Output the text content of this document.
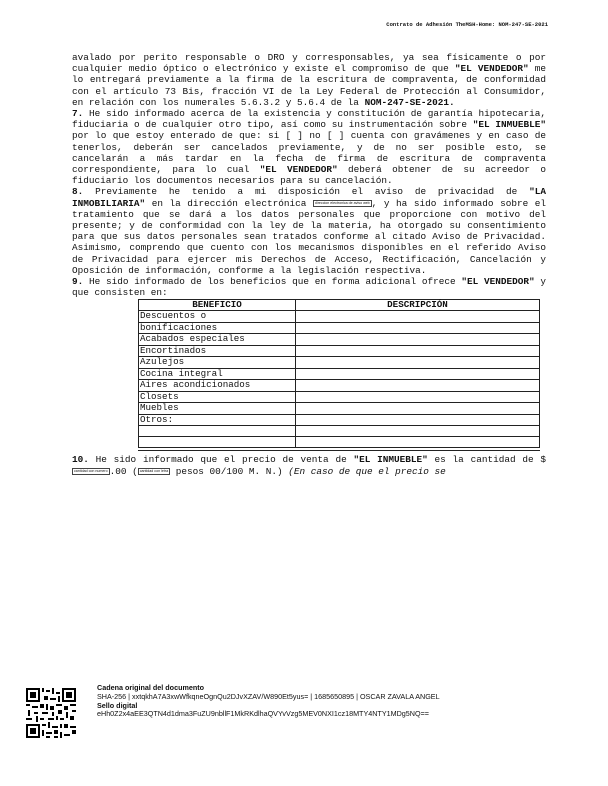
Contrato de Adhesión TheMSH-Home: NOM-247-SE-2021

avalado por perito responsable o DRO y corresponsables, ya sea físicamente o por cualquier medio óptico o electrónico y existe el compromiso de que "EL VENDEDOR" me lo entregará previamente a la firma de la escritura de compraventa, de conformidad con el artículo 73 Bis, fracción VI de la Ley Federal de Protección al Consumidor, en relación con los numerales 5.6.3.2 y 5.6.4 de la NOM-247-SE-2021.

7. He sido informado acerca de la existencia y constitución de garantía hipotecaria, fiduciaria o de cualquier otro tipo, así como su instrumentación sobre "EL INMUEBLE" por lo que estoy enterado de que: si [ ] no [ ] cuenta con gravámenes y en caso de tenerlos, deberán ser cancelados previamente, y de no ser posible esto, se cancelarán a más tardar en la fecha de firma de escritura de compraventa correspondiente, para lo cual "EL VENDEDOR" deberá obtener de su acreedor o fiduciario los documentos necesarios para su cancelación.

8. Previamente he tenido a mi disposición el aviso de privacidad de "LA INMOBILIARIA" en la dirección electrónica direccion electronica de aviso web , y ha sido informado sobre el tratamiento que se dará a los datos personales que proporcione con motivo del presente; y de conformidad con la ley de la materia, ha otorgado su consentimiento para que sus datos personales sean tratados conforme al citado Aviso de Privacidad. Asimismo, comprendo que cuento con los mecanismos disponibles en el referido Aviso de Privacidad para ejercer mis Derechos de Acceso, Rectificación, Cancelación y Oposición de información, conforme a la legislación respectiva.

9. He sido informado de los beneficios que en forma adicional ofrece "EL VENDEDOR" y que consisten en:

BENEFICIO	DESCRIPCIÓN
Descuentos o	
bonificaciones	
Acabados especiales	
Encortinados	
Azulejos	
Cocina integral	
Aires acondicionados	
Closets	
Muebles	
Otros:	

10. He sido informado que el precio de venta de "EL INMUEBLE" es la cantidad de $cantidad con numero .00 ( cantidad con letra pesos 00/100 M. N.) (En caso de que el precio se

Cadena original del documento
SHA-256 | xxtqkhA7A3xwWfkqneOgnQu2DJvXZAV/W890Et5yus= | 1685650895 | OSCAR ZAVALA ANGEL
Sello digital
eHh0Z2x4aEE3QTN4d1dma3FuZU9nbllF1MkRKdlhaQVYvVzg5MEV0NXI1cz18MTY4NTY1MDg5NQ==
